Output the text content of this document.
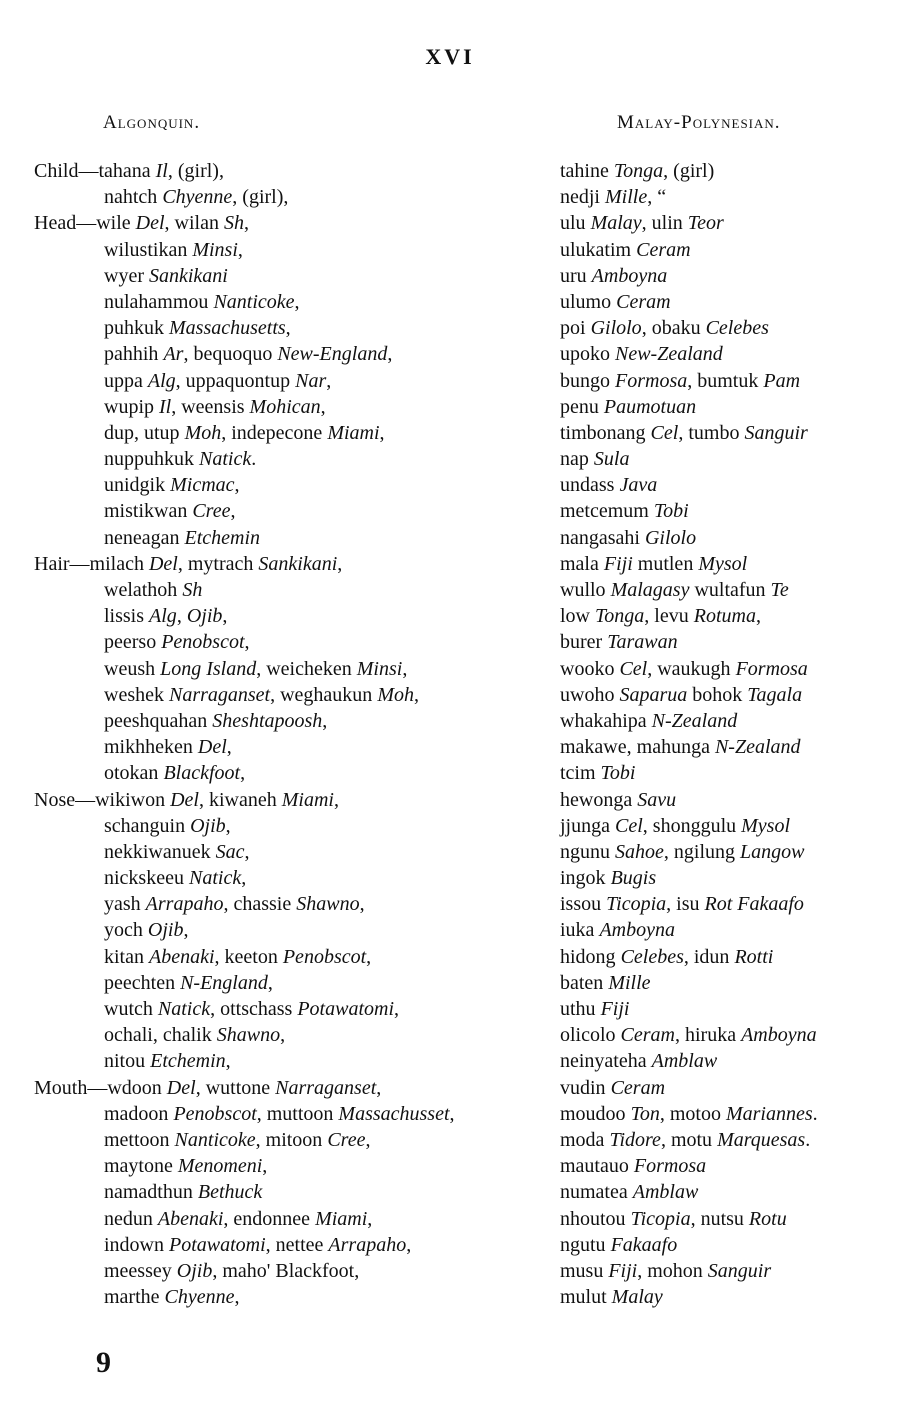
XVI
Algonquin.	Malay-Polynesian.
Child—tahana Il, (girl),
nahtch Chyenne, (girl),
Head—wile Del, wilan Sh,
wilustikan Minsi,
wyer Sankikani
nulahammou Nanticoke,
puhkuk Massachusetts,
pahhih Ar, bequoquo New-England,
uppa Alg, uppaquontup Nar,
wupip Il, weensis Mohican,
dup, utup Moh, indepecone Miami,
nuppuhkuk Natick.
unidgik Micmac,
mistikwan Cree,
neneagan Etchemin
Hair—milach Del, mytrach Sankikani,
welathoh Sh
lissis Alg, Ojib,
peerso Penobscot,
weush Long Island, weicheken Minsi,
weshek Narraganset, weghaukun Moh,
peeshquahan Sheshtapoosh,
mikhheken Del,
otokan Blackfoot,
Nose—wikiwon Del, kiwaneh Miami,
schanguin Ojib,
nekkiwanuek Sac,
nickskeeu Natick,
yash Arrapaho, chassie Shawno,
yoch Ojib,
kitan Abenaki, keeton Penobscot,
peechten N-England,
wutch Natick, ottschass Potawatomi,
ochali, chalik Shawno,
nitou Etchemin,
Mouth—wdoon Del, wuttone Narraganset,
madoon Penobscot, muttoon Massachusset,
mettoon Nanticoke, mitoon Cree,
maytone Menomeni,
namadthun Bethuck
nedun Abenaki, endonnee Miami,
indown Potawatomi, nettee Arrapaho,
meessey Ojib, maho' Blackfoot,
marthe Chyenne,
tahine Tonga, (girl)
nedji Mille, “
ulu Malay, ulin Teor
ulukatim Ceram
uru Amboyna
ulumo Ceram
poi Gilolo, obaku Celebes
upoko New-Zealand
bungo Formosa, bumtuk Pam
penu Paumotuan
timbonang Cel, tumbo Sanguir
nap Sula
undass Java
metcemum Tobi
nangasahi Gilolo
mala Fiji mutlen Mysol
wullo Malagasy wultafun Te
low Tonga, levu Rotuma,
burer Tarawan
wooko Cel, waukugh Formosa
uwoho Saparua bohok Tagala
whakahipa N-Zealand
makawe, mahunga N-Zealand
tcim Tobi
hewonga Savu
jjunga Cel, shonggulu Mysol
ngunu Sahoe, ngilung Langow
ingok Bugis
issou Ticopia, isu Rot Fakaafo
iuka Amboyna
hidong Celebes, idun Rotti
baten Mille
uthu Fiji
olicolo Ceram, hiruka Amboyna
neinyateha Amblaw
vudin Ceram
moudoo Ton, motoo Mariannes.
moda Tidore, motu Marquesas.
mautauo Formosa
numatea Amblaw
nhoutou Ticopia, nutsu Rotu
ngutu Fakaafo
musu Fiji, mohon Sanguir
mulut Malay
9
